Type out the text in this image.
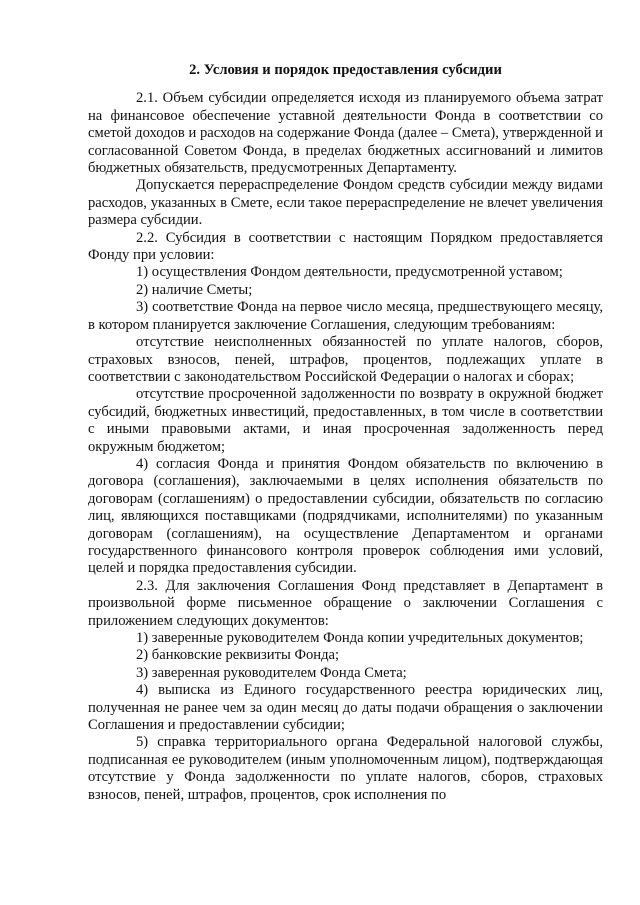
2. Условия и порядок предоставления субсидии

2.1. Объем субсидии определяется исходя из планируемого объема затрат на финансовое обеспечение уставной деятельности Фонда в соответствии со сметой доходов и расходов на содержание Фонда (далее – Смета), утвержденной и согласованной Советом Фонда, в пределах бюджетных ассигнований и лимитов бюджетных обязательств, предусмотренных Департаменту.

Допускается перераспределение Фондом средств субсидии между видами расходов, указанных в Смете, если такое перераспределение не влечет увеличения размера субсидии.

2.2. Субсидия в соответствии с настоящим Порядком предоставляется Фонду при условии:

1) осуществления Фондом деятельности, предусмотренной уставом;

2) наличие Сметы;

3) соответствие Фонда на первое число месяца, предшествующего месяцу, в котором планируется заключение Соглашения, следующим требованиям:

отсутствие неисполненных обязанностей по уплате налогов, сборов, страховых взносов, пеней, штрафов, процентов, подлежащих уплате в соответствии с законодательством Российской Федерации о налогах и сборах;

отсутствие просроченной задолженности по возврату в окружной бюджет субсидий, бюджетных инвестиций, предоставленных, в том числе в соответствии с иными правовыми актами, и иная просроченная задолженность перед окружным бюджетом;

4) согласия Фонда и принятия Фондом обязательств по включению в договора (соглашения), заключаемыми в целях исполнения обязательств по договорам (соглашениям) о предоставлении субсидии, обязательств по согласию лиц, являющихся поставщиками (подрядчиками, исполнителями) по указанным договорам (соглашениям), на осуществление Департаментом и органами государственного финансового контроля проверок соблюдения ими условий, целей и порядка предоставления субсидии.

2.3. Для заключения Соглашения Фонд представляет в Департамент в произвольной форме письменное обращение о заключении Соглашения с приложением следующих документов:

1) заверенные руководителем Фонда копии учредительных документов;

2) банковские реквизиты Фонда;

3) заверенная руководителем Фонда Смета;

4) выписка из Единого государственного реестра юридических лиц, полученная не ранее чем за один месяц до даты подачи обращения о заключении Соглашения и предоставлении субсидии;

5) справка территориального органа Федеральной налоговой службы, подписанная ее руководителем (иным уполномоченным лицом), подтверждающая отсутствие у Фонда задолженности по уплате налогов, сборов, страховых взносов, пеней, штрафов, процентов, срок исполнения по
